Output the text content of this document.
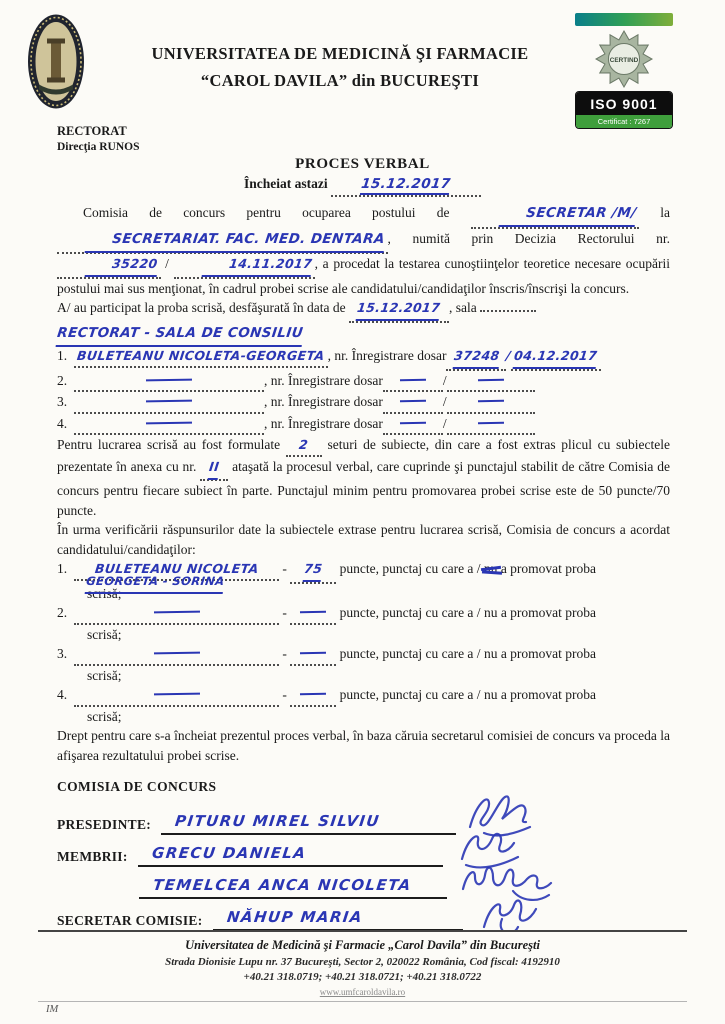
UNIVERSITATEA DE MEDICINĂ ŞI FARMACIE
“CAROL DAVILA” din BUCUREŞTI
CERTIND
ISO 9001
Certificat : 7267
RECTORAT
Direcţia RUNOS
PROCES VERBAL
Încheiat astazi 15.12.2017

Comisia de concurs pentru ocuparea postului de	SECRETAR /M/ la SECRETARIAT. FAC. MED. DENTARA , numită prin Decizia Rectorului nr. 35220 /	14.11.2017 , a procedat la testarea cunoştiinţelor teoretice necesare ocupării postului mai sus menţionat, în cadrul probei scrise ale candidatului/candidaţilor înscris/înscrişi la concurs.

A/ au participat la proba scrisă, desfăşurată în data de 15.12.2017 , sala

RECTORAT - SALA DE CONSILIU
1. BULETEANU NICOLETA-GEORGETA , nr. Înregistrare dosar 37248 /04.12.2017
2.	, nr. Înregistrare dosar	/
3.	, nr. Înregistrare dosar	/
4.	, nr. Înregistrare dosar	/

Pentru lucrarea scrisă au fost formulate 2 seturi de subiecte, din care a fost extras plicul cu subiectele prezentate în anexa cu nr. II ataşată la procesul verbal, care cuprinde şi punctajul stabilit de către Comisia de concurs pentru fiecare subiect în parte. Punctajul minim pentru promovarea probei scrise este de 50 puncte/70 puncte.

În urma verificării răspunsurilor date la subiectele extrase pentru lucrarea scrisă, Comisia de concurs a acordat candidatului/candidaţilor:

1. BULETEANU NICOLETA
GEORGETA - SORINA
- 75 puncte, punctaj cu care a / nu a promovat proba
scrisă;
2.	-	puncte, punctaj cu care a / nu a promovat proba
scrisă;
3.	-	puncte, punctaj cu care a / nu a promovat proba
scrisă;
4.	-	puncte, punctaj cu care a / nu a promovat proba
scrisă;

Drept pentru care s-a încheiat prezentul proces verbal, în baza căruia secretarul comisiei de concurs va proceda la afişarea rezultatului probei scrise.

COMISIA DE CONCURS
PRESEDINTE: PITURU MIREL SILVIU
MEMBRII: GRECU DANIELA
TEMELCEA ANCA NICOLETA
SECRETAR COMISIE: NĂHUP MARIA
Universitatea de Medicină şi Farmacie „Carol Davila” din Bucureşti
Strada Dionisie Lupu nr. 37 Bucureşti, Sector 2, 020022 România, Cod fiscal: 4192910
+40.21 318.0719; +40.21 318.0721; +40.21 318.0722
www.umfcaroldavila.ro
IM
